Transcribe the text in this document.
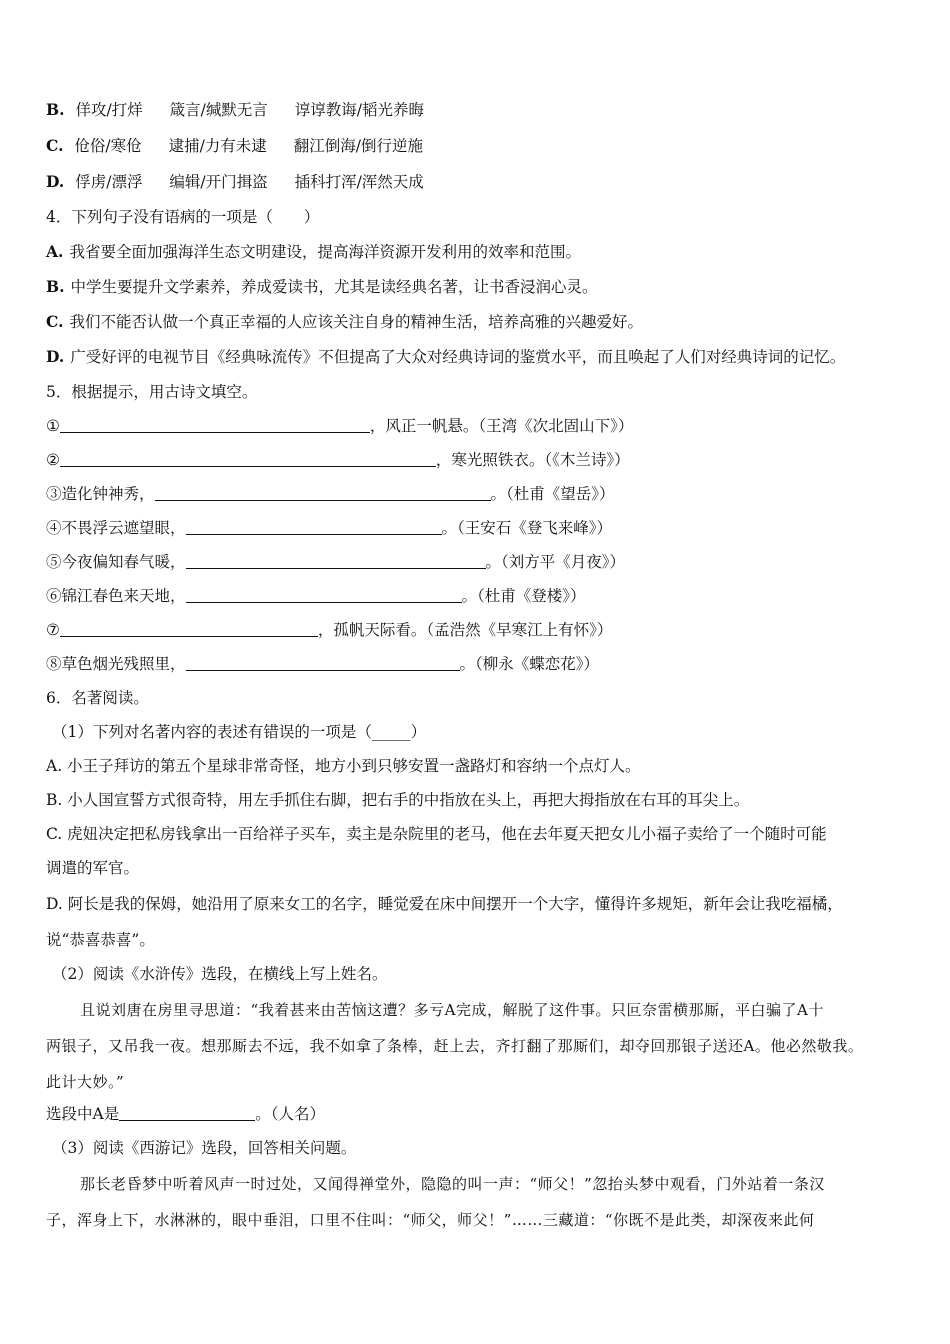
B. 佯攻/打烊 箴言/缄默无言 谆谆教诲/韬光养晦
C. 伧俗/寒伧 逮捕/力有未逮 翻江倒海/倒行逆施
D. 俘虏/漂浮 编辑/开门揖盗 插科打浑/浑然天成
4．下列句子没有语病的一项是（　　）
A. 我省要全面加强海洋生态文明建设，提高海洋资源开发利用的效率和范围。
B. 中学生要提升文学素养，养成爱读书，尤其是读经典名著，让书香浸润心灵。
C. 我们不能否认做一个真正幸福的人应该关注自身的精神生活，培养高雅的兴趣爱好。
D. 广受好评的电视节目《经典咏流传》不但提高了大众对经典诗词的鉴赏水平，而且唤起了人们对经典诗词的记忆。
5．根据提示，用古诗文填空。
①	，风正一帆悬。（王湾《次北固山下》）
②	，寒光照铁衣。（《木兰诗》）
③造化钟神秀，	。（杜甫《望岳》）
④不畏浮云遮望眼，	。（王安石《登飞来峰》）
⑤今夜偏知春气暖，	。（刘方平《月夜》）
⑥锦江春色来天地，	。（杜甫《登楼》）
⑦	，孤帆天际看。（孟浩然《早寒江上有怀》）
⑧草色烟光残照里，	。（柳永《蝶恋花》）
6．名著阅读。
（1）下列对名著内容的表述有错误的一项是（_____）
A. 小王子拜访的第五个星球非常奇怪，地方小到只够安置一盏路灯和容纳一个点灯人。
B. 小人国宣誓方式很奇特，用左手抓住右脚，把右手的中指放在头上，再把大拇指放在右耳的耳尖上。
C. 虎妞决定把私房钱拿出一百给祥子买车，卖主是杂院里的老马，他在去年夏天把女儿小福子卖给了一个随时可能
调遣的军官。
D. 阿长是我的保姆，她沿用了原来女工的名字，睡觉爱在床中间摆开一个大字，懂得许多规矩，新年会让我吃福橘，
说“恭喜恭喜”。
（2）阅读《水浒传》选段，在横线上写上姓名。
且说刘唐在房里寻思道：“我着甚来由苦恼这遭？多亏A完成，解脱了这件事。只叵奈雷横那厮，平白骗了A十
两银子，又吊我一夜。想那厮去不远，我不如拿了条棒，赶上去，齐打翻了那厮们，却夺回那银子送还A。他必然敬我。
此计大妙。”
选段中A是	。（人名）
（3）阅读《西游记》选段，回答相关问题。
那长老昏梦中听着风声一时过处，又闻得禅堂外，隐隐的叫一声：“师父！”忽抬头梦中观看，门外站着一条汉
子，浑身上下，水淋淋的，眼中垂泪，口里不住叫：“师父，师父！”……三藏道：“你既不是此类，却深夜来此何
